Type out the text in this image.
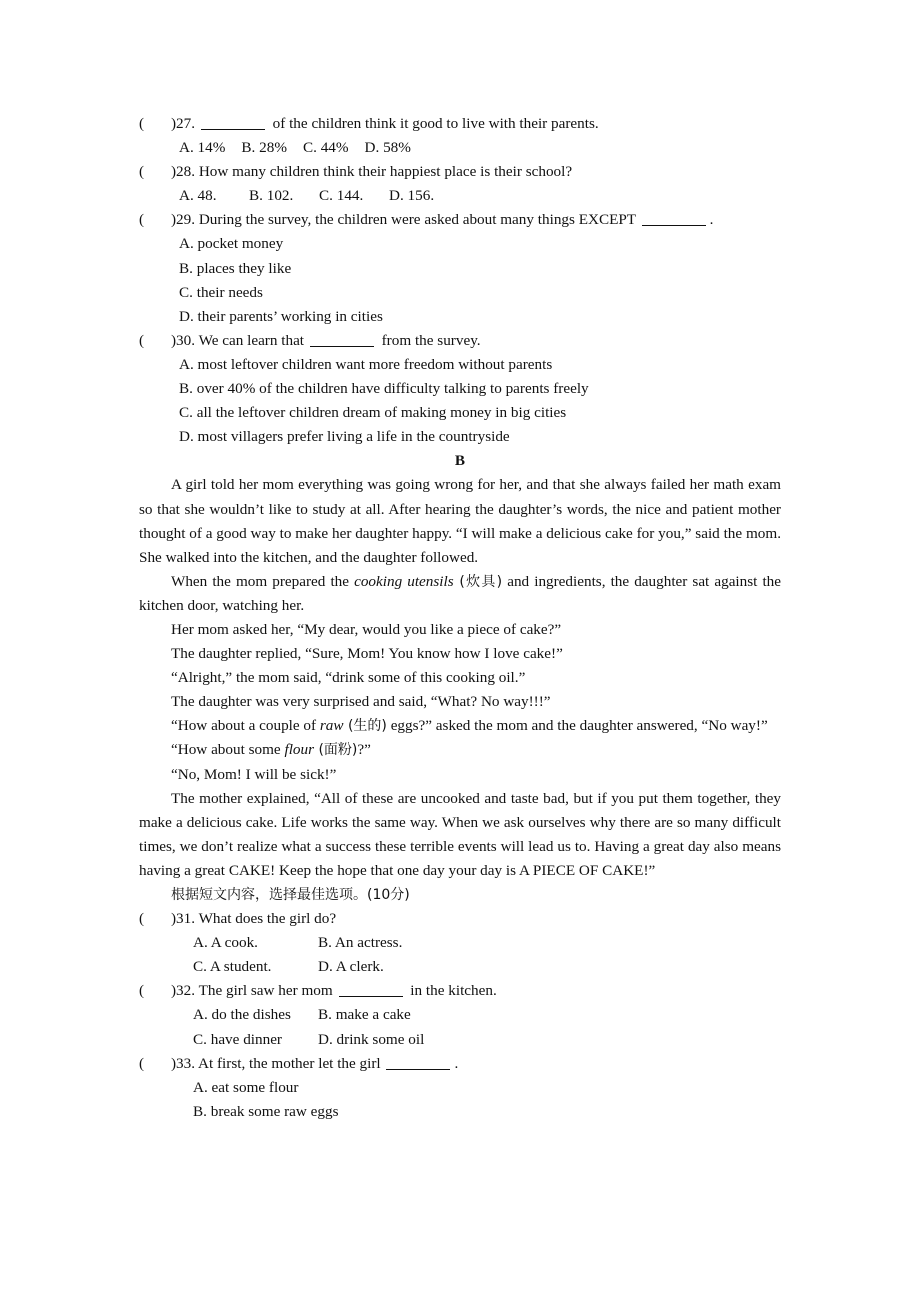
( )27.	of the children think it good to live with their parents.
A. 14% B. 28% C. 44% D. 58%
( )28. How many children think their happiest place is their school?
A. 48. B. 102. C. 144. D. 156.
( )29. During the survey, the children were asked about many things EXCEPT	.
A. pocket money
B. places they like
C. their needs
D. their parents’ working in cities
( )30. We can learn that	from the survey.
A. most leftover children want more freedom without parents
B. over 40% of the children have difficulty talking to parents freely
C. all the leftover children dream of making money in big cities
D. most villagers prefer living a life in the countryside
B

A girl told her mom everything was going wrong for her, and that she always failed her math exam so that she wouldn’t like to study at all. After hearing the daughter’s words, the nice and patient mother thought of a good way to make her daughter happy. “I will make a delicious cake for you,” said the mom. She walked into the kitchen, and the daughter followed.

When the mom prepared the cooking utensils (炊具) and ingredients, the daughter sat against the kitchen door, watching her.

Her mom asked her, “My dear, would you like a piece of cake?”

The daughter replied, “Sure, Mom! You know how I love cake!”

“Alright,” the mom said, “drink some of this cooking oil.”

The daughter was very surprised and said, “What? No way!!!”

“How about a couple of raw (生的) eggs?” asked the mom and the daughter answered, “No way!”

“How about some flour (面粉)?”

“No, Mom! I will be sick!”

The mother explained, “All of these are uncooked and taste bad, but if you put them together, they make a delicious cake. Life works the same way. When we ask ourselves why there are so many difficult times, we don’t realize what a success these terrible events will lead us to. Having a great day also means having a great CAKE! Keep the hope that one day your day is A PIECE OF CAKE!”

根据短文内容，选择最佳选项。(10分)

( )31. What does the girl do?
A. A cook.	B. An actress.
C. A student.	D. A clerk.
( )32. The girl saw her mom	in the kitchen.
A. do the dishes B. make a cake
C. have dinner D. drink some oil
( )33. At first, the mother let the girl	.
A. eat some flour
B. break some raw eggs
